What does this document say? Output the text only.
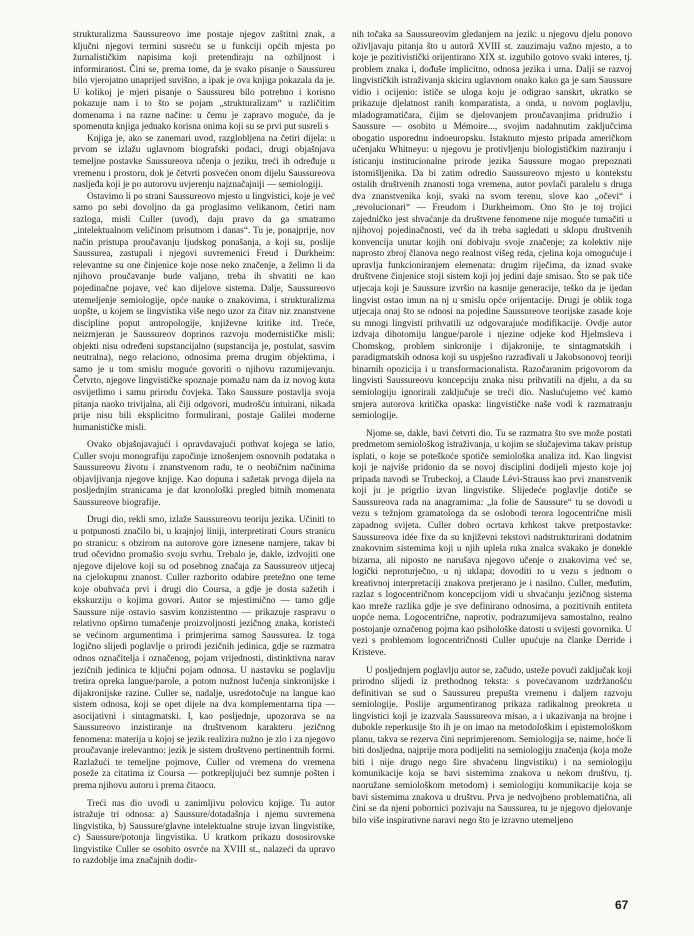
strukturalizma Saussureovo ime postaje njegov zaštitni znak, a ključni njegovi termini susreću se u funkciji općih mjesta po žurnalističkim napisima koji pretendiraju na ozbiljnost i informiranost. Čini se, prema tome, da je svako pisanje o Saussureu bilo vjerojatno unaprijed suvišno, a ipak je ova knjiga pokazala da je. U kolikoj je mjeri pisanje o Saussureu bilo potrebno i korisno pokazuje nam i to što se pojam „strukturalizam“ u različitim domenama i na razne načine: u čemu je zapravo moguće, da je spomenuta knjiga jednako korisna onima koji su se prvi put susreli s

Knjiga je, ako se zanemari uvod, razgloblјena na četiri dijela: u prvom se izlažu uglavnom biografski podaci, drugi objašnjava temeljne postavke Saussureova učenja o jeziku, treći ih određuje u vremenu i prostoru, dok je četvrti posvećen onom dijelu Saussureova nasljeđa koji je po autorovu uvjerenju najznačajniji — semiologiji.

Ostavimo li po strani Saussureovo mjesto u lingvistici, koje je već samo po sebi dovoljno da ga proglasimo velikanom, četiri nam razloga, misli Culler (uvod), daju pravo da ga smatramo „intelektualnom veličinom prisutnom i danas“. Tu je, ponajprije, nov način pristupa proučavanju ljudskog ponašanja, a koji su, poslije Saussurea, zastupali i njegovi suvremenici Freud i Durkheim: relevantne su one činjenice koje nose neko značenje, a želimo li da njihovo proučavanje bude valjano, treba ih shvatiti ne kao pojedinačne pojave, već kao dijelove sistema. Dalje, Saussureovo utemeljenje semiologije, opće nauke o znakovima, i strukturalizma uopšte, u kojem se lingvistika više nego uzor za čitav niz znanstvene discipline poput antropologije, književne kritike itd. Treće, neizmjeran je Saussureov doprinos razvoju modernističke misli: objekti nisu određeni supstancijalno (supstancija je, postulat, sasvim neutralna), nego relaciono, odnosima prema drugim objektima, i samo je u tom smislu moguće govoriti o njihovu razumijevanju. Četvrto, njegove lingvističke spoznaje pomažu nam da iz novog kuta osvijetlimo i samu prirodu čovjeka. Tako Saussure postavlja svoja pitanja naoko trivijalna, ali čiji odgovori, mudrošću intuirani, nikada prije nisu bili eksplicitno formulirani, postaje Galilei moderne humanističke misli.

Ovako objašnjavajući i opravdavajući pothvat kojega se latio, Culler svoju monografiju započinje iznošenjem osnovnih podataka o Saussureovu životu i znanstvenom radu, te o neobičnim načinima objavljivanja njegove knjige. Kao dopuna i sažetak prvoga dijela na posljednjim stranicama je dat kronološki pregled bitnih momenata Saussureove biografije.

Drugi dio, rekli smo, izlaže Saussureovu teoriju jezika. Učiniti to u potpunosti značilo bi, u krajnjoj liniji, interpretirati Cours stranicu po stranicu: s obzirom na autorove gore iznesene namjere, takav bi trud očevidno promašio svoju svrhu. Trebalo je, dakle, izdvojiti one njegove dijelove koji su od posebnog značaja za Saussureov utjecaj na cjelokupnu znanost. Culler razborito odabire pretežno one teme koje obuhvaća prvi i drugi dio Coursa, a gdje je dosta sažetih i ekskurziju o kojima govori. Autor se mjestimično — tamo gdje Saussure nije ostavio sasvim konzistentno — prikazuje raspravu o relativno opširno tumačenje proizvoljnosti jezičnog znaka, koristeći se većinom argumentima i primjerima samog Saussurea. Iz toga logično slijedi poglavlje o prirodi jezičnih jedinica, gdje se razmatra odnos označitelja i označenog, pojam vrijednosti, distinktivna narav jezičnih jedinica te ključni pojam odnosa. U nastavku se poglavlju tretira opreka langue/parole, a potom nužnost lučenja sinkronijske i dijakronijske razine. Culler se, nadalje, usredotočuje na langue kao sistem odnosa, koji se opet dijele na dva komplementarna tipa — asocijativni i sintagmatski. I, kao posljednje, upozorava se na Saussureovo inzistiranje na društvenom karakteru jezičnog fenomena: materija u kojoj se jezik realizira nužno je zlo i za njegovo proučavanje irelevantno: jezik je sistem društveno pertinentnih formi. Razlažući te temeljne pojmove, Culler od vremena do vremena poseže za citatima iz Coursa — potkrepljujući bez sumnje pošten i prema njihovu autoru i prema čitaocu.

Treći nas dio uvodi u zanimljivu polovicu knjige. Tu autor istražuje tri odnosa: a) Saussure/dotadašnja i njemu suvremena lingvistika, b) Saussure/glavne intelektualne struje izvan lingvistike, c) Saussure/potonja lingvistika. U kratkom prikazu dososirovske lingvistike Culler se osobito osvrće na XVIII st., nalazeći da upravo to razdoblje ima značajnih dodir-

nih točaka sa Saussureovim gledanjem na jezik: u njegovu djelu ponovo oživljavaju pitanja što u autorâ XVIII st. zauzimaju važno mjesto, a to koje je pozitivistički orijentirano XIX st. izgubilo gotovo svaki interes, tj. problem znaka i, dođuše implicitno, odnosa jezika i uma. Dalji se razvoj lingvističkih istraživanja skicira uglavnom onako kako ga je sam Saussure vidio i ocijenio: ističe se uloga koju je odigrao sanskrt, ukratko se prikazuje djelatnost ranih komparatista, a onda, u novom poglavlju, mladogramatičara, čijim se djelovanjem proučavanjima pridružio i Saussure — osobito u Mémoire..., svojim nadahnutim zaključcima obogatio usporednu indoeuropsku. Istaknuto mjesto pripada američkom učenjaku Whitneyu: u njegovu je protivljenju biologističkim naziranju i isticanju institucionalne prirode jezika Saussure mogao prepoznati istomišljenika. Da bi zatim odredio Saussureovo mjesto u kontekstu ostalih društvenih znanosti toga vremena, autor povlači paralelu s druga dva znanstvenika koji, svaki na svom terenu, slove kao „očevi“ i „revolucionari“ — Freudom i Durkheimom. Ono što je toj trojici zajedničko jest shvaćanje da društvene fenomene nije moguće tumačiti u njihovoj pojedinačnosti, već da ih treba sagledati u sklopu društvenih konvencija unutar kojih oni dobivaju svoje značenje; za kolektiv nije naprosto zbroj članova nego realnost višeg reda, cjelina koja omogućuje i upravlja funkcioniranjem elemenata: drugim riječima, da iznad svake društvene činjenice stoji sistem koji joj jedini daje smisao. Što se pak tiče utjecaja koji je Saussure izvršio na kasnije generacije, teško da je ijedan lingvist ostao imun na nj u smislu opće orijentacije. Drugi je oblik toga utjecaja onaj što se odnosi na pojedine Saussureove teorijske zasade koje su mnogi lingvisti prihvatili uz odgovarajuće modifikacije. Ovdje autor izdvaja dihotomiju langue/parole i njezine odjeke kod Hjelmsleva i Chomskog, problem sinkronije i dijakronije, te sintagmatskih i paradigmatskih odnosa koji su uspješno razrađivali u Jakobsonovoj teoriji binarnih opozicija i u transformacionalista. Razočaranim prigovorom da lingvisti Saussureovu koncepciju znaka nisu prihvatili na djelu, a da su semiologiju ignorirali zaključuje se treći dio. Naslućujemo već kamo smjera autorova kritička opaska: lingvističke naše vodi k razmatranju semiologije.

Njome se, dakle, bavi četvrti dio. Tu se razmatra što sve može postati predmetom semiološkog istraživanja, u kojim se slučajevima takav pristup isplati, o koje se poteškoće spotiče semiološka analiza itd. Kao lingvist koji je najviše pridonio da se novoj disciplini dodijeli mjesto koje joj pripada navodi se Trubeckoj, a Claude Lévi-Strauss kao prvi znanstvenik koji ju je prigrlio izvan lingvistike. Slijedeće poglavlje dotiče se Saussureova rada na anagramima: „la folie de Saussure“ tu se dovodi u vezu s težnjom gramatologa da se oslobodi terora logocentrične misli zapadnog svijeta. Culler dobro ocrtava krhkost takve pretpostavke: Saussureova idée fixe da su književni tekstovi nadstrukturirani dodatnim znakovnim sistemima koji u njih uplela ruka znalca svakako je donekle bizarna, ali niposto ne narušava njegovo učenje o znakovima već se, logički neproturječno, u nj uklapa; dovoditi to u vezu s jednom o kreativnoj interpretaciji znakova pretjerano je i nasilno. Culler, međutim, razlaz s logocentričnom koncepcijom vidi u shvaćanju jezičnog sistema kao mreže razlika gdje je sve definirano odnosima, a pozitivnih entiteta uopće nema. Logocentrične, naprotiv, podrazumijeva samostalno, realno postojanje označenog pojma kao psihološke datosti u svijesti govornika. U vezi s problemom logocentričnosti Culler upućuje na članke Derride i Kristeve.

U posljednjem poglavlju autor se, začudo, usteže povući zaključak koji prirodno slijedi iz prethodnog teksta: s povećavanom uzdržanošću definitivan se sud o Saussureu prepušta vremenu i daljem razvoju semiologije. Poslije argumentiranog prikaza radikalnog preokreta u lingvistici koji je izazvala Saussureova misao, a i ukazivanja na brojne i dubokle reperkusije što ih je on imao na metodološkim i epistemološkom planu, takva se rezerva čini neprimjerenom. Semiologija se, naime, hoće li biti dosljedna, najprije mora podijeliti na semiologiju značenja (koja može biti i nije drugo nego šire shvaćenu lingvistiku) i na semiologiju komunikacije koja se bavi sistemima znakova u nekom društvu, tj. naoružane semiološkom metodom) i semiologiju komunikacije koja se bavi sistemima znakova u društvu. Prva je nedvojbeno problematična, ali čini se da njeni pobornici pozivaju na Saussurea, tu je njegovo djelovanje bilo više inspirativne naravi nego što je izravno utemeljeno

67
